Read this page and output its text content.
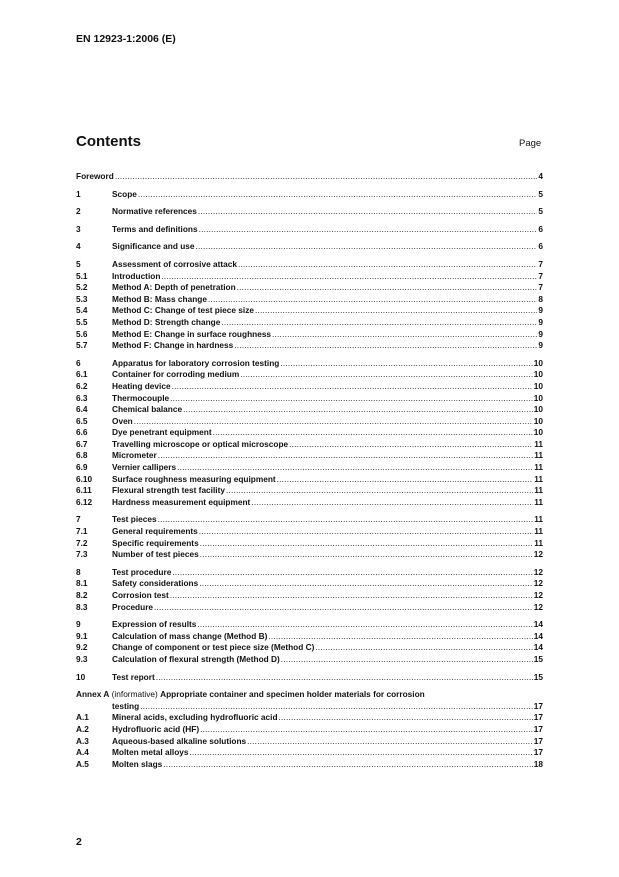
EN 12923-1:2006 (E)
Contents	Page
Foreword .....	4
1	Scope .....	5
2	Normative references .....	5
3	Terms and definitions .....	6
4	Significance and use .....	6
5	Assessment of corrosive attack .....	7
5.1	Introduction .....	7
5.2	Method A: Depth of penetration .....	7
5.3	Method B: Mass change .....	8
5.4	Method C: Change of test piece size .....	9
5.5	Method D: Strength change .....	9
5.6	Method E: Change in surface roughness .....	9
5.7	Method F: Change in hardness .....	9
6	Apparatus for laboratory corrosion testing .....	10
6.1	Container for corroding medium .....	10
6.2	Heating device .....	10
6.3	Thermocouple .....	10
6.4	Chemical balance .....	10
6.5	Oven .....	10
6.6	Dye penetrant equipment .....	10
6.7	Travelling microscope or optical microscope .....	11
6.8	Micrometer .....	11
6.9	Vernier callipers .....	11
6.10	Surface roughness measuring equipment .....	11
6.11	Flexural strength test facility .....	11
6.12	Hardness measurement equipment .....	11
7	Test pieces .....	11
7.1	General requirements .....	11
7.2	Specific requirements .....	11
7.3	Number of test pieces .....	12
8	Test procedure .....	12
8.1	Safety considerations .....	12
8.2	Corrosion test .....	12
8.3	Procedure .....	12
9	Expression of results .....	14
9.1	Calculation of mass change (Method B) .....	14
9.2	Change of component or test piece size (Method C) .....	14
9.3	Calculation of flexural strength (Method D) .....	15
10	Test report .....	15
Annex A (informative) Appropriate container and specimen holder materials for corrosion
testing .....	17
A.1	Mineral acids, excluding hydrofluoric acid .....	17
A.2	Hydrofluoric acid (HF) .....	17
A.3	Aqueous-based alkaline solutions .....	17
A.4	Molten metal alloys .....	17
A.5	Molten slags .....	18
2
